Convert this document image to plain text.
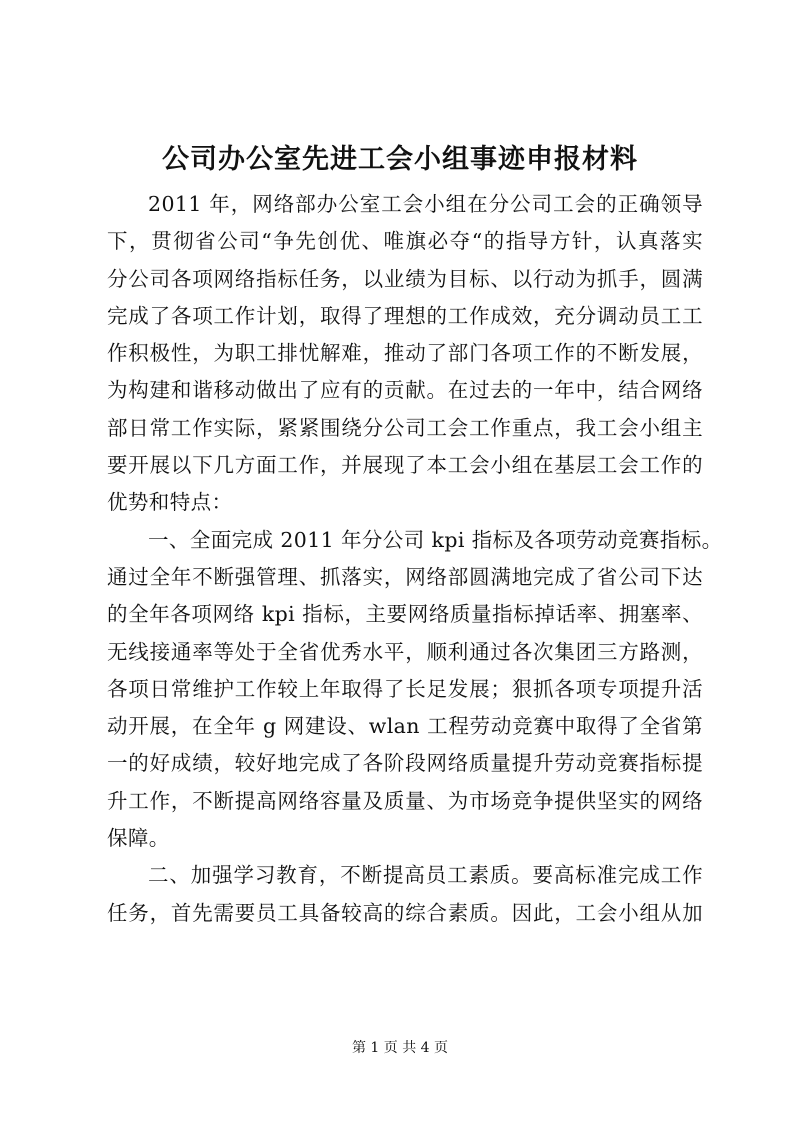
公司办公室先进工会小组事迹申报材料
2011 年，网络部办公室工会小组在分公司工会的正确领导
下，贯彻省公司“争先创优、唯旗必夺“的指导方针，认真落实
分公司各项网络指标任务，以业绩为目标、以行动为抓手，圆满
完成了各项工作计划，取得了理想的工作成效，充分调动员工工
作积极性，为职工排忧解难，推动了部门各项工作的不断发展，
为构建和谐移动做出了应有的贡献。在过去的一年中，结合网络
部日常工作实际，紧紧围绕分公司工会工作重点，我工会小组主
要开展以下几方面工作，并展现了本工会小组在基层工会工作的
优势和特点：
一、全面完成 2011 年分公司 kpi 指标及各项劳动竞赛指标。
通过全年不断强管理、抓落实，网络部圆满地完成了省公司下达
的全年各项网络 kpi 指标，主要网络质量指标掉话率、拥塞率、
无线接通率等处于全省优秀水平，顺利通过各次集团三方路测，
各项日常维护工作较上年取得了长足发展；狠抓各项专项提升活
动开展，在全年 g 网建设、wlan 工程劳动竞赛中取得了全省第
一的好成绩，较好地完成了各阶段网络质量提升劳动竞赛指标提
升工作，不断提高网络容量及质量、为市场竞争提供坚实的网络
保障。
二、加强学习教育，不断提高员工素质。要高标准完成工作
任务，首先需要员工具备较高的综合素质。因此，工会小组从加
第 1 页 共 4 页
